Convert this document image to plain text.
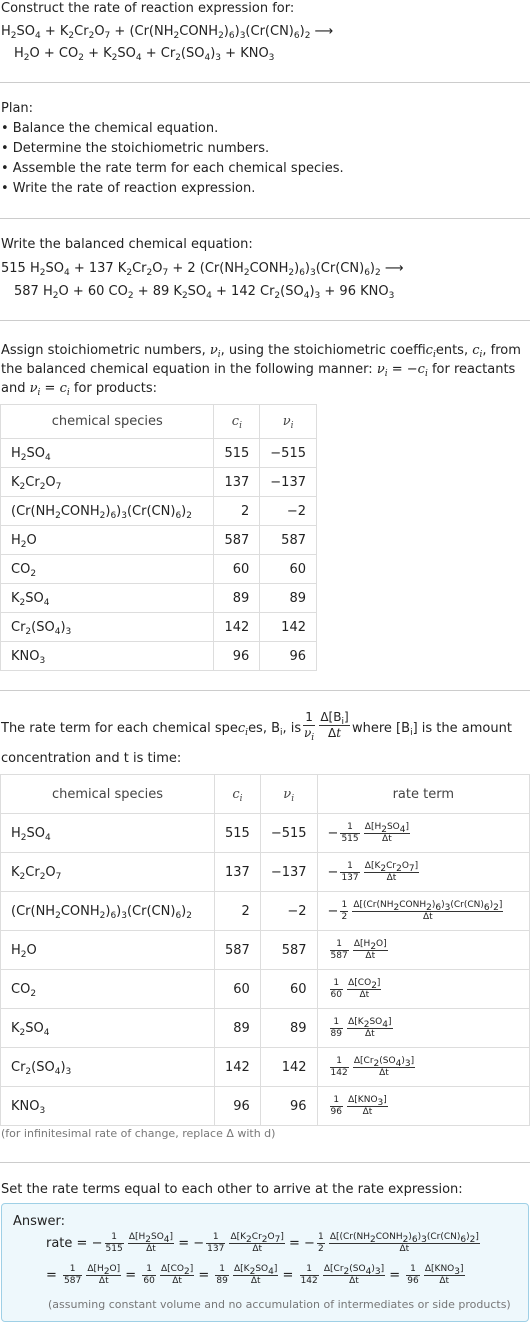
Construct the rate of reaction expression for:
$H_2SO_4 + K_2Cr_2O_7$ + $(Cr(NH_2CONH_2)_6)_3(Cr(CN)_6)_2$ ⟶
$H_2O + CO_2 + K_2SO_4 + Cr_2(SO_4)_3 + KNO_3$
Plan:
• Balance the chemical equation.
• Determine the stoichiometric numbers.
• Assemble the rate term for each chemical species.
• Write the rate of reaction expression.
Write the balanced chemical equation:
515 $H_2SO_4 + 137$ $K_2Cr_2O_7 + 2$ $(Cr(NH_2CONH_2)_6)_3(Cr(CN)_6)_2$ ⟶
587 $H_2O + 60$ $CO_2 + 89$ $K_2SO_4 + 142$ $Cr_2(SO_4)_3 + 96$ $KNO_3$
Assign stoichiometric numbers, $\nu_i$, using the stoichiometric coeffic$_i$ents, $c_i$, from
the balanced chemical equation in the following manner: $\nu_i = -c_i$ for reactants
and $\nu_i = c_i$ for products:
chemical species	$c_i$	$\nu_i$
$H_2SO_4$	515	−515
$K_2Cr_2O_7$	137	−137
$(Cr(NH_2CONH_2)_6)_3(Cr(CN)_6)_2$	2	−2
$H_2O$	587	587
$CO_2$	60	60
$K_2SO_4$	89	89
$Cr_2(SO_4)_3$	142	142
$KNO_3$	96	96
The rate term for each chemical spec$_i$es, $B_i$, is $\frac{1}{\nu_i}$
$\frac{\Delta[B_i]}{\Delta t}$ where $[B_i]$ is the amount
concentration and t is time:
chemical species	$c_i$	$\nu_i$	rate term
$H_2SO_4$	515	−515	− $\frac{1}{515}$
$\frac{\Delta[H_2SO_4]}{\Delta t}$

$K_2Cr_2O_7$	137	−137	− $\frac{1}{137}$
$\frac{\Delta[K_2Cr_2O_7]}{\Delta t}$

$(Cr(NH_2CONH_2)_6)_3(Cr(CN)_6)_2$	2	−2	− $\frac{1}{2}$
$\frac{\Delta[(Cr(NH_2CONH_2)_6)_3(Cr(CN)_6)_2]}{\Delta t}$

$H_2O$	587	587	$\frac{1}{587}$
$\frac{\Delta[H_2O]}{\Delta t}$

$CO_2$	60	60	$\frac{1}{60}$
$\frac{\Delta[CO_2]}{\Delta t}$

$K_2SO_4$	89	89	$\frac{1}{89}$
$\frac{\Delta[K_2SO_4]}{\Delta t}$

$Cr_2(SO_4)_3$	142	142	$\frac{1}{142}$
$\frac{\Delta[Cr_2(SO_4)_3]}{\Delta t}$

$KNO_3$	96	96	$\frac{1}{96}$
$\frac{\Delta[KNO_3]}{\Delta t}$
(for infinitesimal rate of change, replace Δ with d)
Set the rate terms equal to each other to arrive at the rate expression:
Answer:
rate = − $\frac{1}{515}$
$\frac{\Delta[H_2SO_4]}{\Delta t}$ = − $\frac{1}{137}$
$\frac{\Delta[K_2Cr_2O_7]}{\Delta t}$ = − $\frac{1}{2}$
$\frac{\Delta[(Cr(NH_2CONH_2)_6)_3(Cr(CN)_6)_2]}{\Delta t}$
= $\frac{1}{587}$
$\frac{\Delta[H_2O]}{\Delta t} = \frac{1}{60}$
$\frac{\Delta[CO_2]}{\Delta t} = \frac{1}{89}$
$\frac{\Delta[K_2SO_4]}{\Delta t} = \frac{1}{142}$
$\frac{\Delta[Cr_2(SO_4)_3]}{\Delta t} = \frac{1}{96}$
$\frac{\Delta[KNO_3]}{\Delta t}$
(assuming constant volume and no accumulation of intermediates or side products)
